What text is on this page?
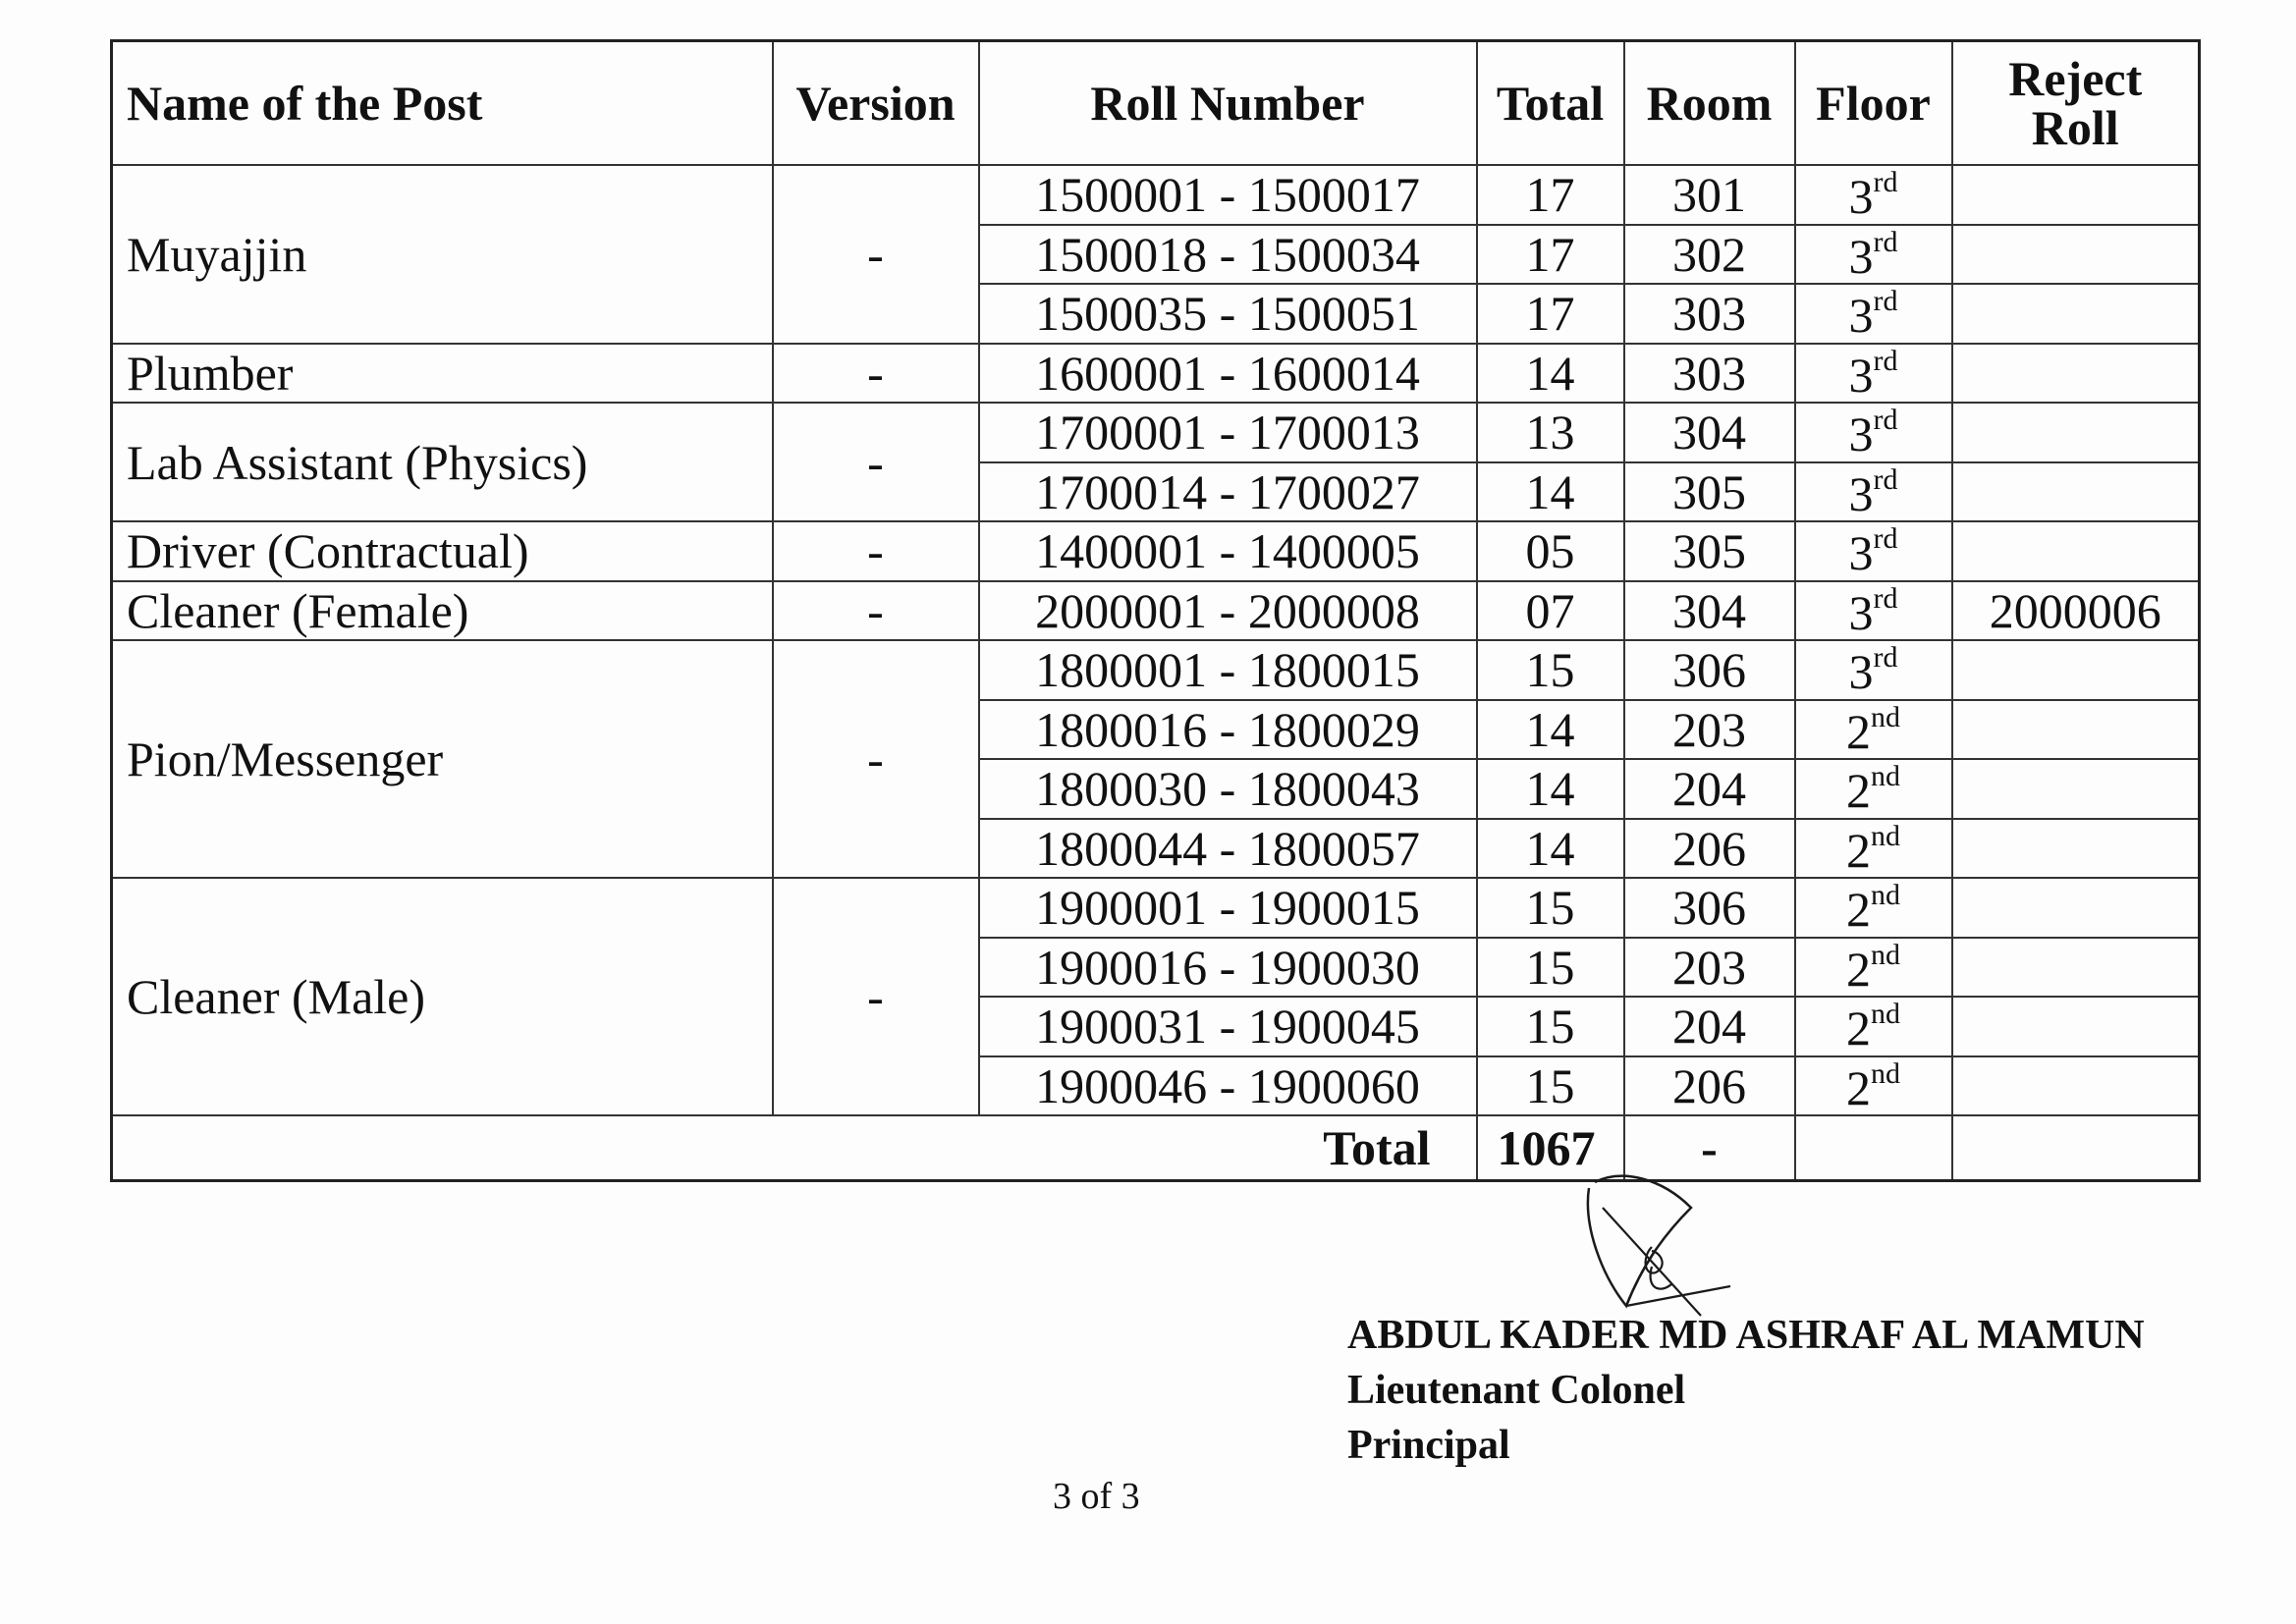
Name of the Post	Version	Roll Number	Total	Room	Floor	Reject
Roll

Muyajjin	-	1500001 - 1500017	17	301	3rd	
		1500018 - 1500034	17	302	3rd	
		1500035 - 1500051	17	303	3rd	
Plumber	-	1600001 - 1600014	14	303	3rd	
Lab Assistant (Physics)	-	1700001 - 1700013	13	304	3rd	
		1700014 - 1700027	14	305	3rd	
Driver (Contractual)	-	1400001 - 1400005	05	305	3rd	
Cleaner (Female)	-	2000001 - 2000008	07	304	3rd	2000006
Pion/Messenger	-	1800001 - 1800015	15	306	3rd	
		1800016 - 1800029	14	203	2nd	
		1800030 - 1800043	14	204	2nd	
		1800044 - 1800057	14	206	2nd	
Cleaner (Male)	-	1900001 - 1900015	15	306	2nd	
		1900016 - 1900030	15	203	2nd	
		1900031 - 1900045	15	204	2nd	
		1900046 - 1900060	15	206	2nd	
Total			1067	-		
ABDUL KADER MD ASHRAF AL MAMUN
Lieutenant Colonel
Principal
3 of 3
